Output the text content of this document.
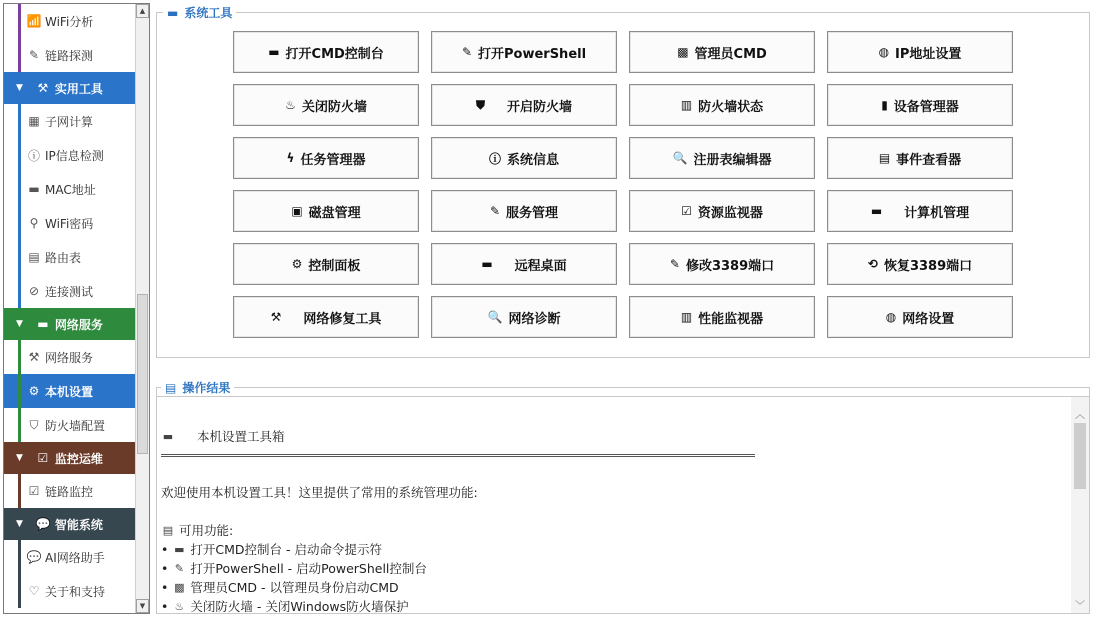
📶 WiFi分析
✎ 链路探测
▼ ⚒ 实用工具
▦ 子网计算
ⓘ IP信息检测
▬ MAC地址
⚲ WiFi密码
▤ 路由表
⊘ 连接测试
▼ ▬ 网络服务
⚒ 网络服务
⚙ 本机设置
⛉ 防火墙配置
▼ ☑ 监控运维
☑ 链路监控
▼ 💬 智能系统
💬 AI网络助手
♡ 关于和支持
▲
▼
▬ 系统工具
▬ 打开CMD控制台	✎ 打开PowerShell	▩ 管理员CMD	◍ IP地址设置
♨ 关闭防火墙	⛊ 开启防火墙	▥ 防火墙状态	▮ 设备管理器
ϟ 任务管理器	ⓘ 系统信息	🔍 注册表编辑器	▤ 事件查看器
▣ 磁盘管理	✎ 服务管理	☑ 资源监视器	▬ 计算机管理
⚙ 控制面板	▬ 远程桌面	✎ 修改3389端口	⟲ 恢复3389端口
⚒ 网络修复工具	🔍 网络诊断	▥ 性能监视器	◍ 网络设置
▤ 操作结果
▬ 本机设置工具箱
欢迎使用本机设置工具！这里提供了常用的系统管理功能:
▤ 可用功能:
• ▬ 打开CMD控制台 - 启动命令提示符
• ✎ 打开PowerShell - 启动PowerShell控制台
• ▩ 管理员CMD - 以管理员身份启动CMD
• ♨ 关闭防火墙 - 关闭Windows防火墙保护
︿
﹀
